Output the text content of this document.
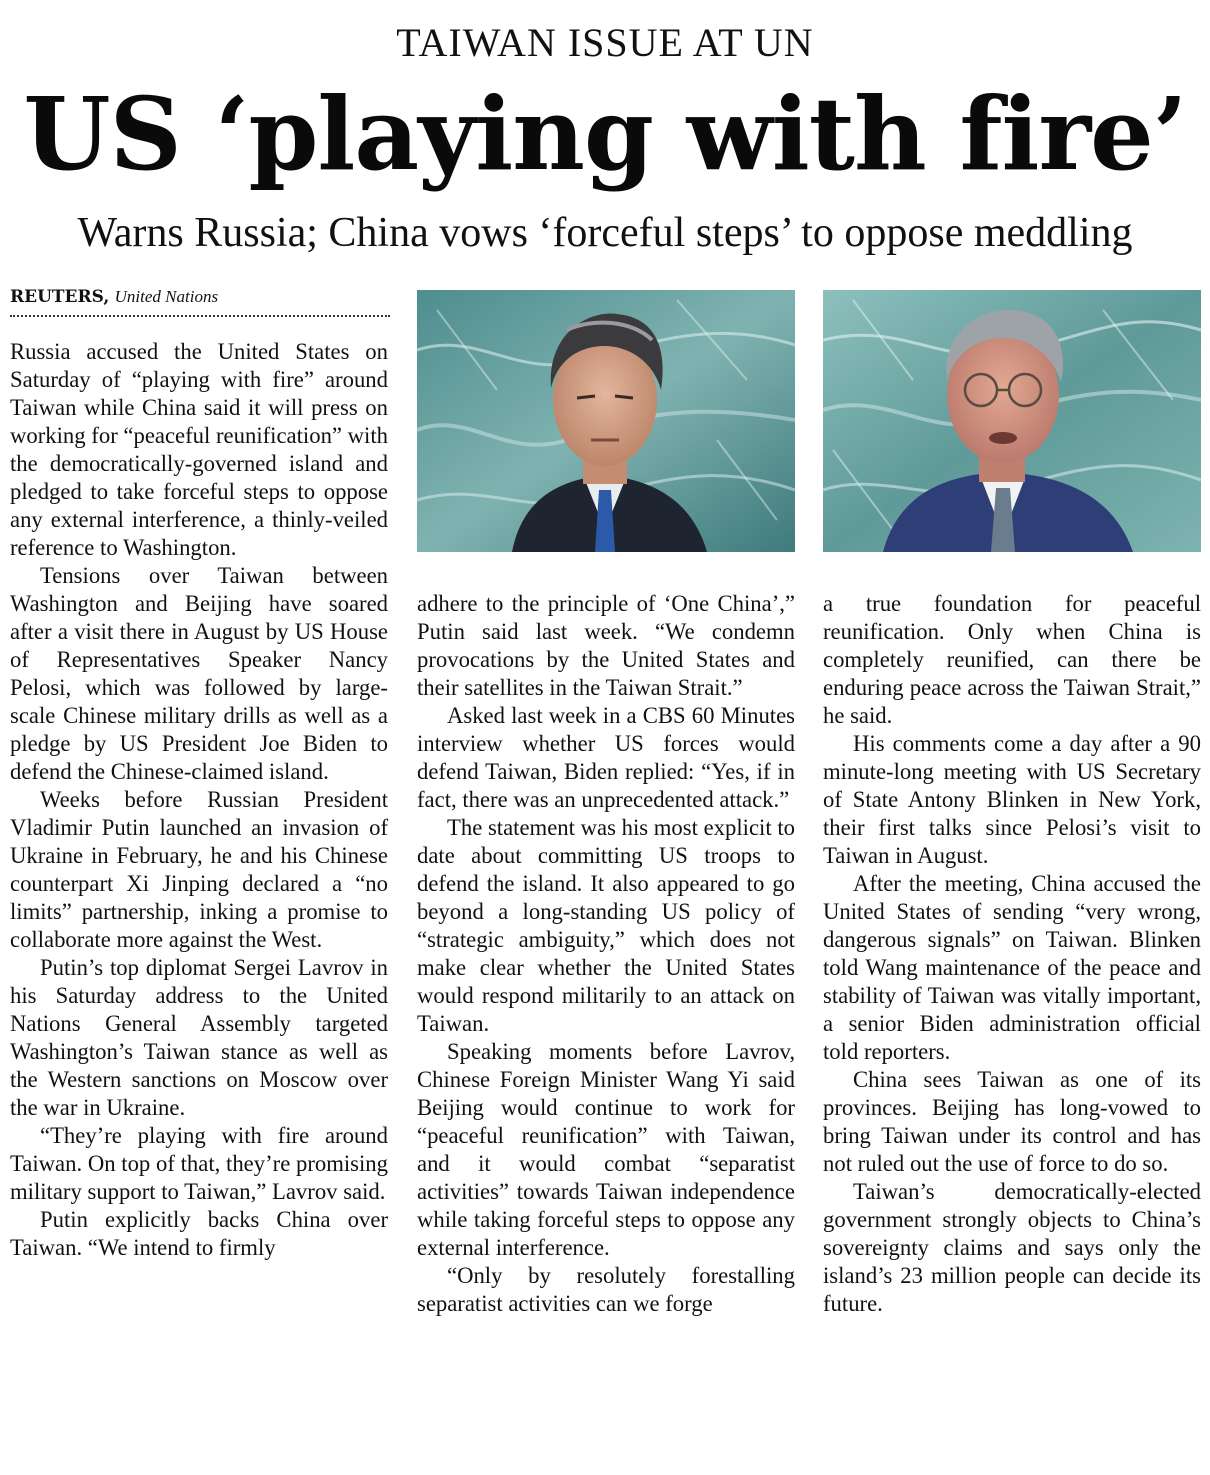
TAIWAN ISSUE AT UN
US ‘playing with fire’
Warns Russia; China vows ‘forceful steps’ to oppose meddling
REUTERS, United Nations

Russia accused the United States on Saturday of “playing with fire” around Taiwan while China said it will press on working for “peaceful reunification” with the democratically-governed island and pledged to take forceful steps to oppose any external interference, a thinly-veiled reference to Washington.

Tensions over Taiwan between Washington and Beijing have soared after a visit there in August by US House of Representatives Speaker Nancy Pelosi, which was followed by large-scale Chinese military drills as well as a pledge by US President Joe Biden to defend the Chinese-claimed island.

Weeks before Russian President Vladimir Putin launched an invasion of Ukraine in February, he and his Chinese counterpart Xi Jinping declared a “no limits” partnership, inking a promise to collaborate more against the West.

Putin’s top diplomat Sergei Lavrov in his Saturday address to the United Nations General Assembly targeted Washington’s Taiwan stance as well as the Western sanctions on Moscow over the war in Ukraine.

“They’re playing with fire around Taiwan. On top of that, they’re promising military support to Taiwan,” Lavrov said.

Putin explicitly backs China over Taiwan. “We intend to firmly

adhere to the principle of ‘One China’,” Putin said last week. “We condemn provocations by the United States and their satellites in the Taiwan Strait.”

Asked last week in a CBS 60 Minutes interview whether US forces would defend Taiwan, Biden replied: “Yes, if in fact, there was an unprecedented attack.”

The statement was his most explicit to date about committing US troops to defend the island. It also appeared to go beyond a long-standing US policy of “strategic ambiguity,” which does not make clear whether the United States would respond militarily to an attack on Taiwan.

Speaking moments before Lavrov, Chinese Foreign Minister Wang Yi said Beijing would continue to work for “peaceful reunification” with Taiwan, and it would combat “separatist activities” towards Taiwan independence while taking forceful steps to oppose any external interference.

“Only by resolutely forestalling separatist activities can we forge

a true foundation for peaceful reunification. Only when China is completely reunified, can there be enduring peace across the Taiwan Strait,” he said.

His comments come a day after a 90 minute-long meeting with US Secretary of State Antony Blinken in New York, their first talks since Pelosi’s visit to Taiwan in August.

After the meeting, China accused the United States of sending “very wrong, dangerous signals” on Taiwan. Blinken told Wang maintenance of the peace and stability of Taiwan was vitally important, a senior Biden administration official told reporters.

China sees Taiwan as one of its provinces. Beijing has long-vowed to bring Taiwan under its control and has not ruled out the use of force to do so.

Taiwan’s democratically-elected government strongly objects to China’s sovereignty claims and says only the island’s 23 million people can decide its future.
